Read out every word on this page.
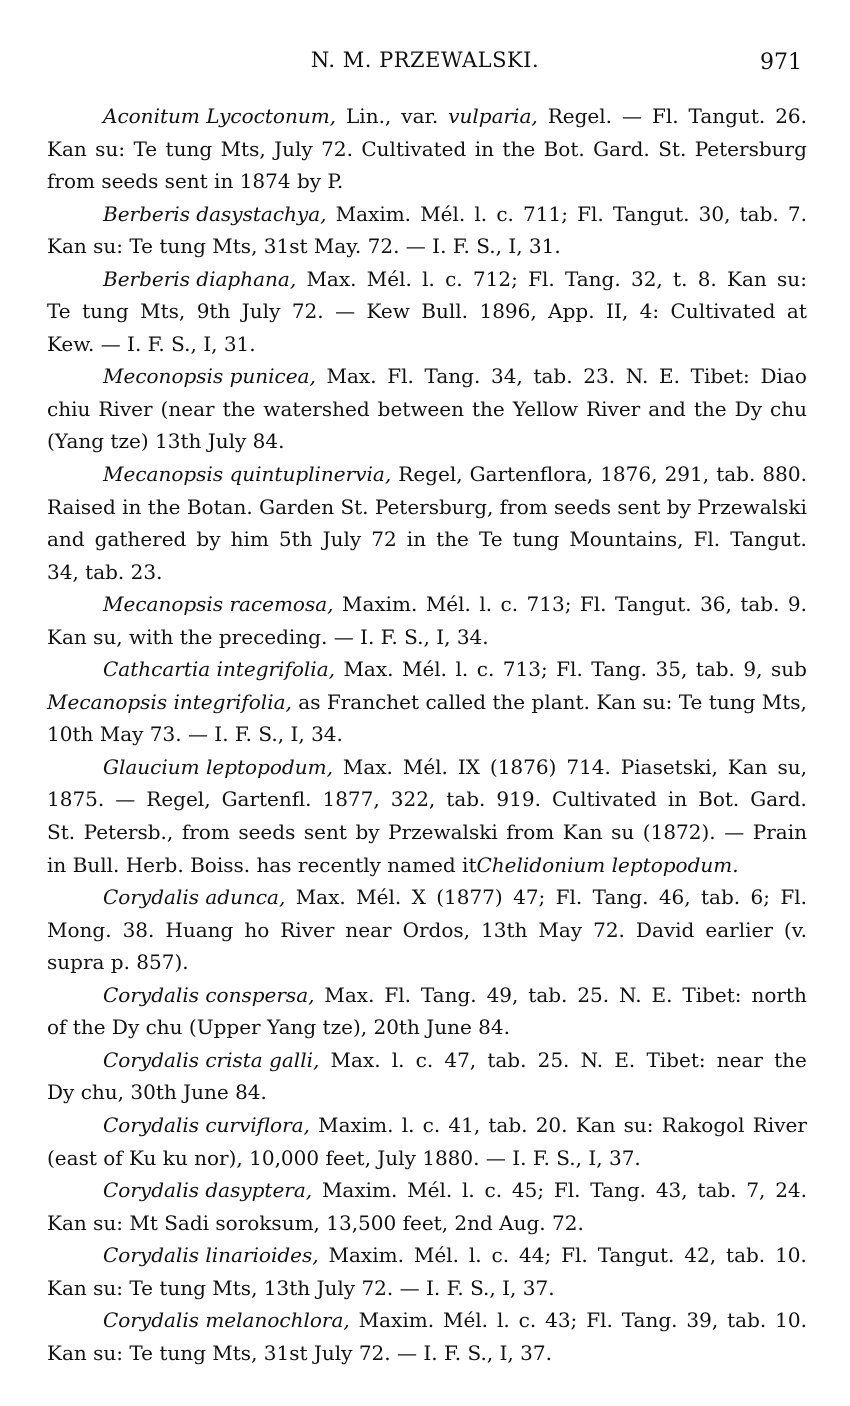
N. M. PRZEWALSKI.	971
Aconitum Lycoctonum, Lin., var. vulparia, Regel. — Fl. Tangut. 26.
Kan su: Te tung Mts, July 72. Cultivated in the Bot. Gard. St. Petersburg
from seeds sent in 1874 by P.
Berberis dasystachya, Maxim. Mél. l. c. 711; Fl. Tangut. 30, tab. 7.
Kan su: Te tung Mts, 31st May. 72. — I. F. S., I, 31.
Berberis diaphana, Max. Mél. l. c. 712; Fl. Tang. 32, t. 8. Kan su:
Te tung Mts, 9th July 72. — Kew Bull. 1896, App. II, 4: Cultivated at
Kew. — I. F. S., I, 31.
Meconopsis punicea, Max. Fl. Tang. 34, tab. 23. N. E. Tibet: Diao
chiu River (near the watershed between the Yellow River and the Dy chu
(Yang tze) 13th July 84.
Mecanopsis quintuplinervia, Regel, Gartenflora, 1876, 291, tab. 880.
Raised in the Botan. Garden St. Petersburg, from seeds sent by Przewalski
and gathered by him 5th July 72 in the Te tung Mountains, Fl. Tangut.
34, tab. 23.
Mecanopsis racemosa, Maxim. Mél. l. c. 713; Fl. Tangut. 36, tab. 9.
Kan su, with the preceding. — I. F. S., I, 34.
Cathcartia integrifolia, Max. Mél. l. c. 713; Fl. Tang. 35, tab. 9, sub
Mecanopsis integrifolia, as Franchet called the plant. Kan su: Te tung Mts,
10th May 73. — I. F. S., I, 34.
Glaucium leptopodum, Max. Mél. IX (1876) 714. Piasetski, Kan su,
1875. — Regel, Gartenfl. 1877, 322, tab. 919. Cultivated in Bot. Gard.
St. Petersb., from seeds sent by Przewalski from Kan su (1872). — Prain
in Bull. Herb. Boiss. has recently named it Chelidonium leptopodum.
Corydalis adunca, Max. Mél. X (1877) 47; Fl. Tang. 46, tab. 6; Fl.
Mong. 38. Huang ho River near Ordos, 13th May 72. David earlier (v.
supra p. 857).
Corydalis conspersa, Max. Fl. Tang. 49, tab. 25. N. E. Tibet: north
of the Dy chu (Upper Yang tze), 20th June 84.
Corydalis crista galli, Max. l. c. 47, tab. 25. N. E. Tibet: near the
Dy chu, 30th June 84.
Corydalis curviflora, Maxim. l. c. 41, tab. 20. Kan su: Rakogol River
(east of Ku ku nor), 10,000 feet, July 1880. — I. F. S., I, 37.
Corydalis dasyptera, Maxim. Mél. l. c. 45; Fl. Tang. 43, tab. 7, 24.
Kan su: Mt Sadi soroksum, 13,500 feet, 2nd Aug. 72.
Corydalis linarioides, Maxim. Mél. l. c. 44; Fl. Tangut. 42, tab. 10.
Kan su: Te tung Mts, 13th July 72. — I. F. S., I, 37.
Corydalis melanochlora, Maxim. Mél. l. c. 43; Fl. Tang. 39, tab. 10.
Kan su: Te tung Mts, 31st July 72. — I. F. S., I, 37.
